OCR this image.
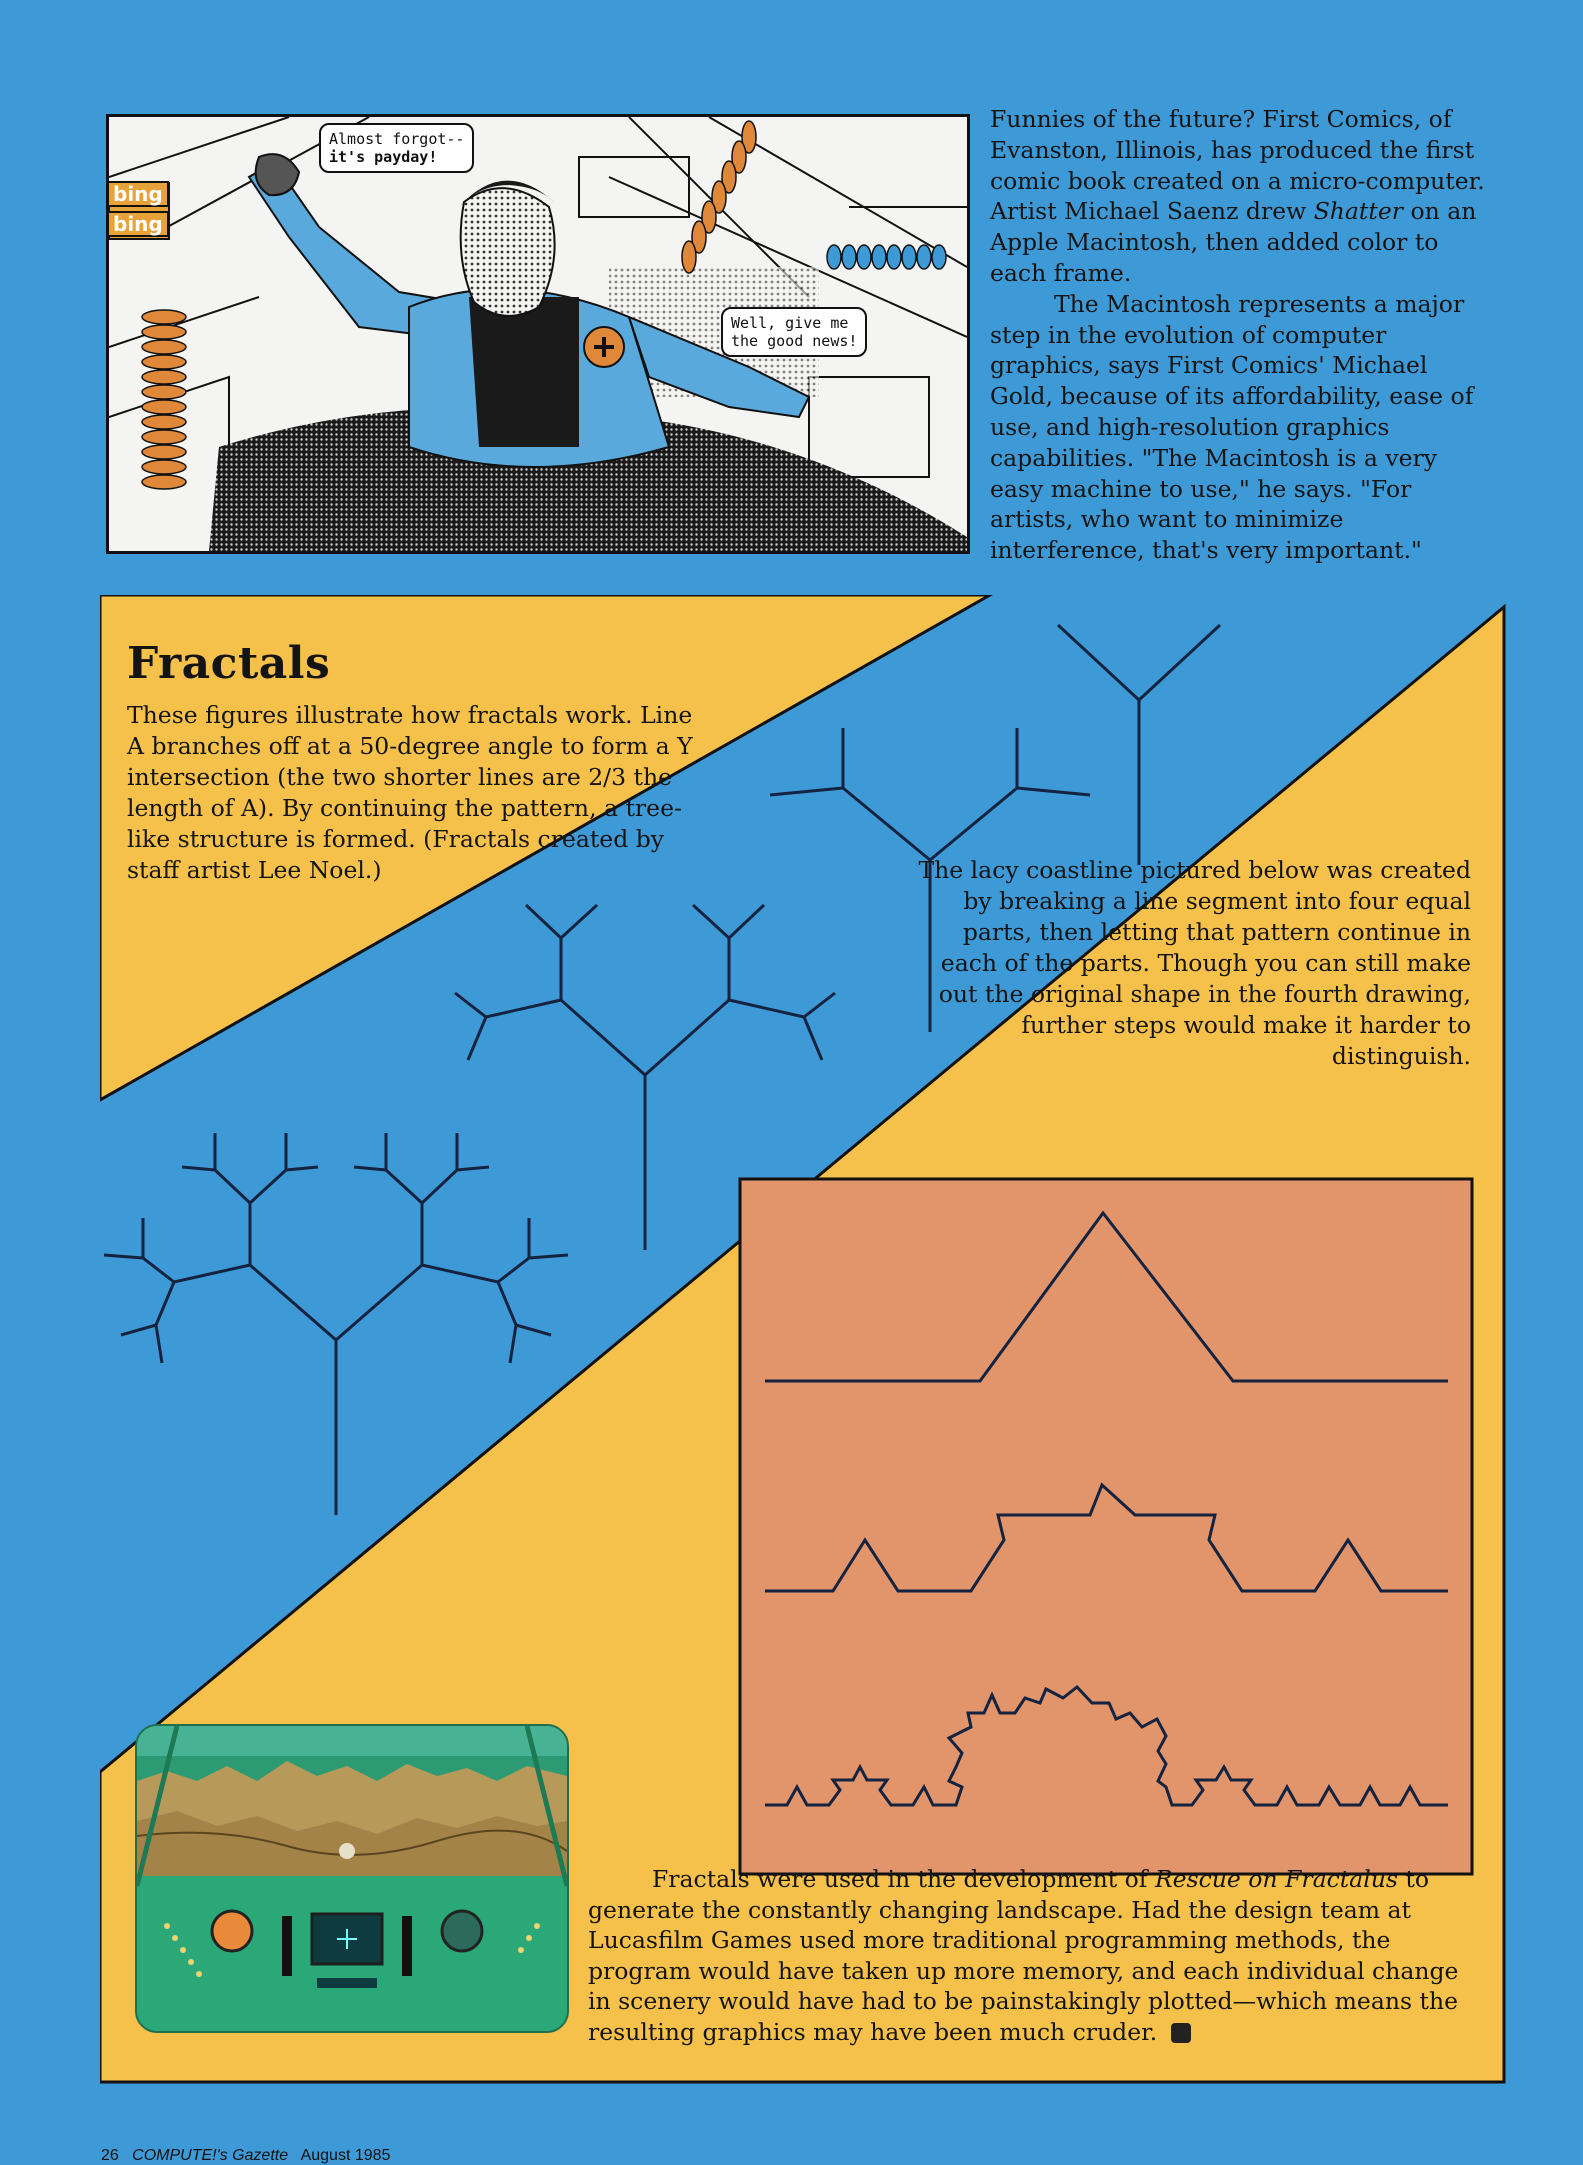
Almost forgot--
it's payday!
Well, give me
the good news!
bing
bing

Funnies of the future? First Comics, of Evanston, Illinois, has produced the first comic book created on a micro-computer. Artist Michael Saenz drew Shatter on an Apple Macintosh, then added color to each frame.

The Macintosh represents a major step in the evolution of computer graphics, says First Comics' Michael Gold, because of its affordability, ease of use, and high-resolution graphics capabilities. "The Macintosh is a very easy machine to use," he says. "For artists, who want to minimize interference, that's very important."

Fractals
These figures illustrate how fractals work. Line A branches off at a 50-degree angle to form a Y intersection (the two shorter lines are 2/3 the length of A). By continuing the pattern, a tree-like structure is formed. (Fractals created by staff artist Lee Noel.)	The lacy coastline pictured below was created by breaking a line segment into four equal parts, then letting that pattern continue in each of the parts. Though you can still make out the original shape in the fourth drawing, further steps would make it harder to distinguish.

Fractals were used in the development of Rescue on Fractalus to generate the constantly changing landscape. Had the design team at Lucasfilm Games used more traditional programming methods, the program would have taken up more memory, and each individual change in scenery would have had to be painstakingly plotted—which means the resulting graphics may have been much cruder.

26 COMPUTE!'s Gazette August 1985
